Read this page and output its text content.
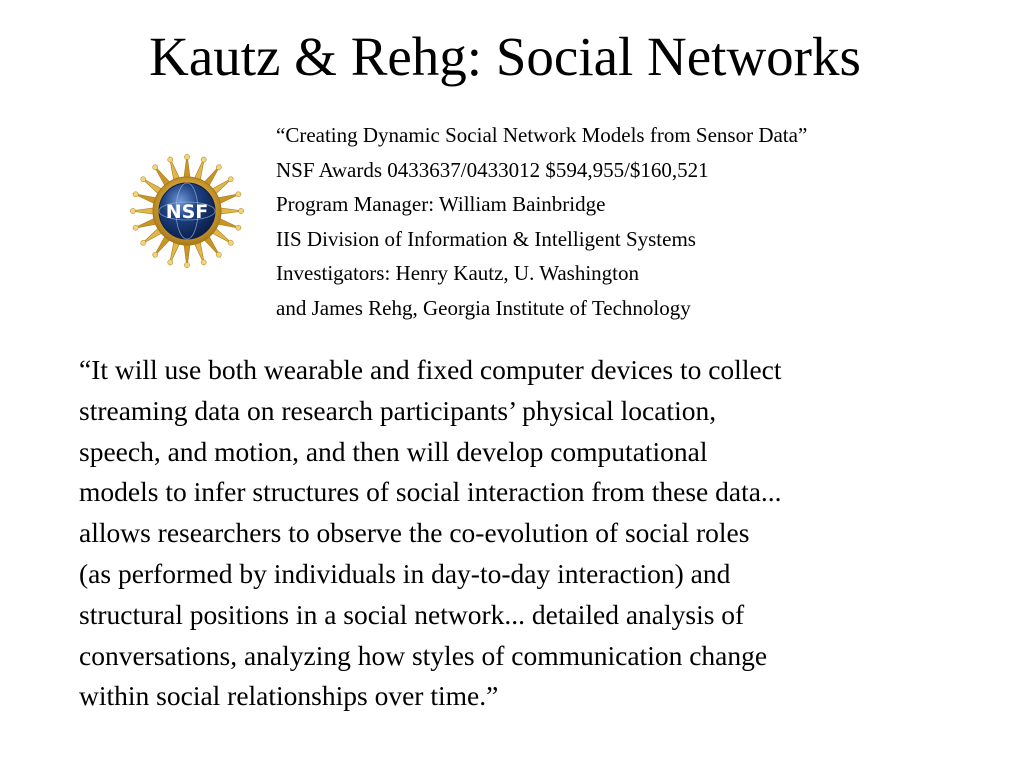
Kautz & Rehg: Social Networks
NSF
“Creating Dynamic Social Network Models from Sensor Data”
NSF Awards 0433637/0433012 $594,955/$160,521
Program Manager: William Bainbridge
IIS Division of Information & Intelligent Systems
Investigators: Henry Kautz, U. Washington
and James Rehg, Georgia Institute of Technology
“It will use both wearable and fixed computer devices to collect
streaming data on research participants’ physical location,
speech, and motion, and then will develop computational
models to infer structures of social interaction from these data...
allows researchers to observe the co-evolution of social roles
(as performed by individuals in day-to-day interaction) and
structural positions in a social network... detailed analysis of
conversations, analyzing how styles of communication change
within social relationships over time.”
